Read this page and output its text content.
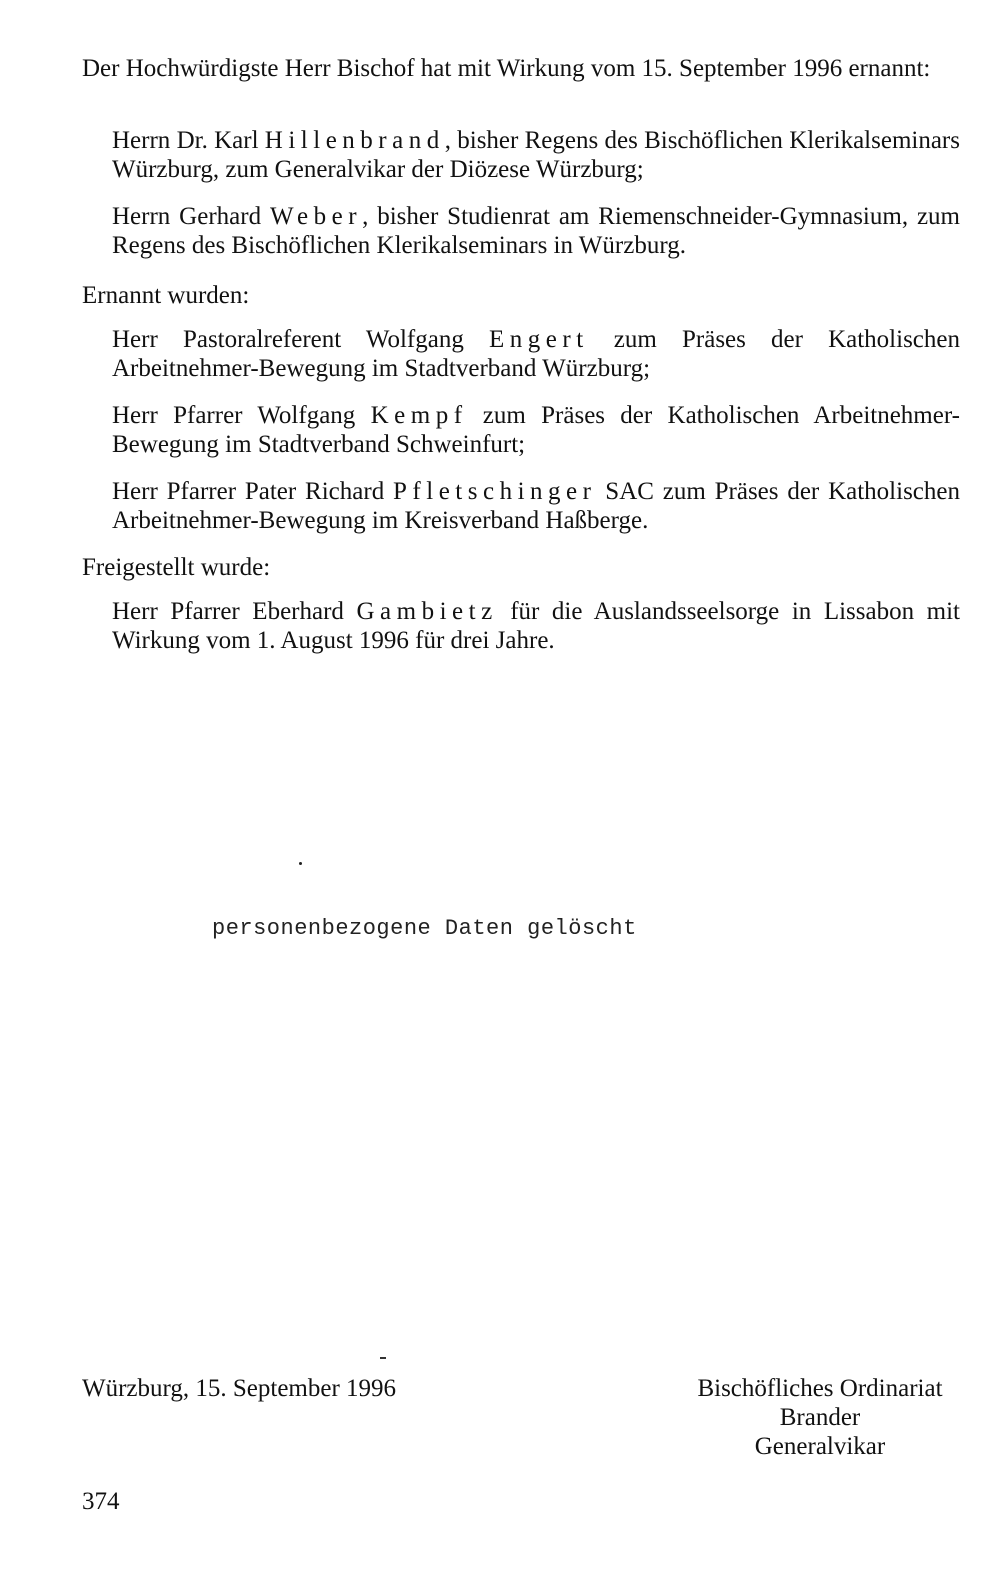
Der Hochwürdigste Herr Bischof hat mit Wirkung vom 15. September 1996 ernannt:
Herrn Dr. Karl Hillenbrand, bisher Regens des Bischöflichen Klerikalseminars Würzburg, zum Generalvikar der Diözese Würzburg;
Herrn Gerhard Weber, bisher Studienrat am Riemenschneider-Gymnasium, zum Regens des Bischöflichen Klerikalseminars in Würzburg.
Ernannt wurden:
Herr Pastoralreferent Wolfgang Engert zum Präses der Katholischen Arbeitnehmer-Bewegung im Stadtverband Würzburg;
Herr Pfarrer Wolfgang Kempf zum Präses der Katholischen Arbeitnehmer-Bewegung im Stadtverband Schweinfurt;
Herr Pfarrer Pater Richard Pfletschinger SAC zum Präses der Katholischen Arbeitnehmer-Bewegung im Kreisverband Haßberge.
Freigestellt wurde:
Herr Pfarrer Eberhard Gambietz für die Auslandsseelsorge in Lissabon mit Wirkung vom 1. August 1996 für drei Jahre.
personenbezogene Daten gelöscht
Würzburg, 15. September 1996	Bischöfliches Ordinariat
Brander
Generalvikar
374
